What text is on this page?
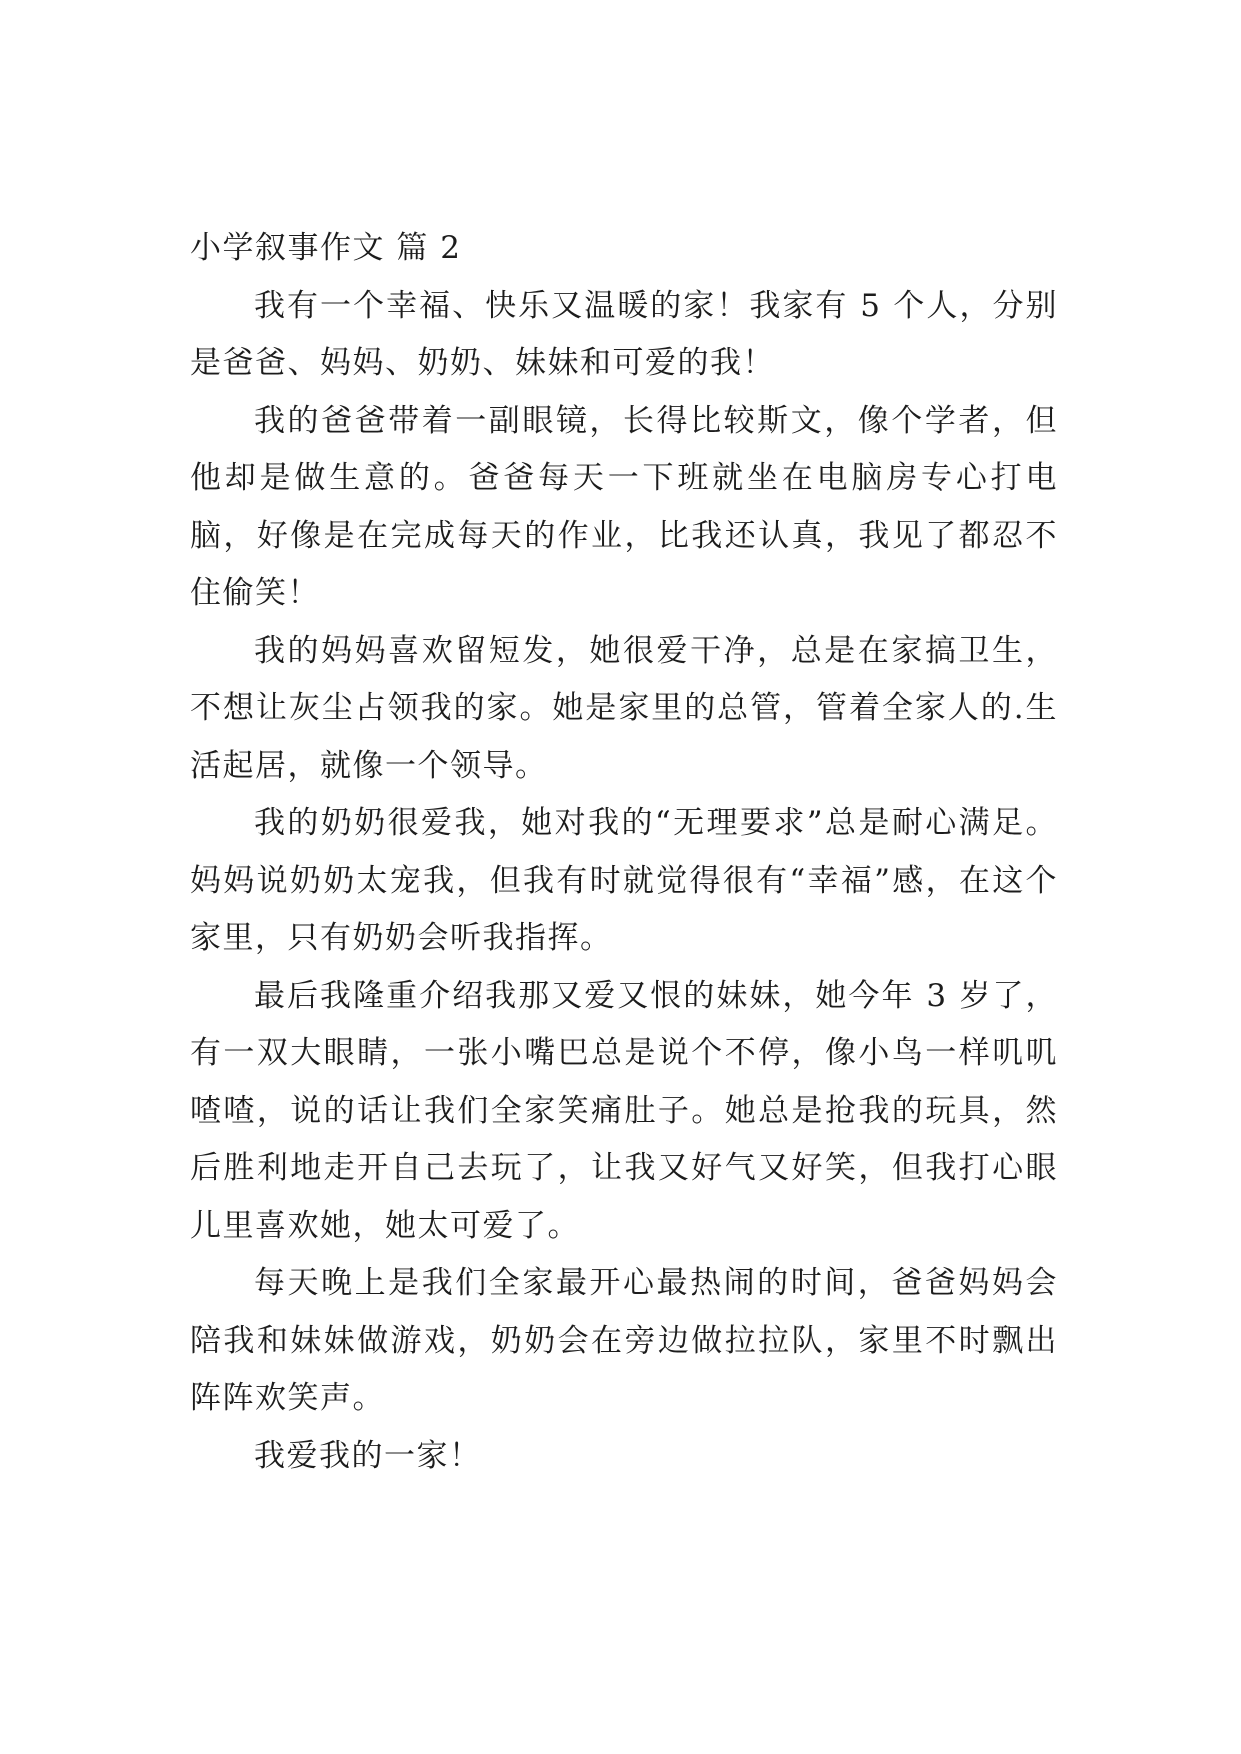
小学叙事作文 篇 2

我有一个幸福、快乐又温暖的家！我家有 5 个人，分别是爸爸、妈妈、奶奶、妹妹和可爱的我！

我的爸爸带着一副眼镜，长得比较斯文，像个学者，但他却是做生意的。爸爸每天一下班就坐在电脑房专心打电脑，好像是在完成每天的作业，比我还认真，我见了都忍不住偷笑！

我的妈妈喜欢留短发，她很爱干净，总是在家搞卫生，不想让灰尘占领我的家。她是家里的总管，管着全家人的.生活起居，就像一个领导。

我的奶奶很爱我，她对我的“无理要求”总是耐心满足。妈妈说奶奶太宠我，但我有时就觉得很有“幸福”感，在这个家里，只有奶奶会听我指挥。

最后我隆重介绍我那又爱又恨的妹妹，她今年 3 岁了，有一双大眼睛，一张小嘴巴总是说个不停，像小鸟一样叽叽喳喳，说的话让我们全家笑痛肚子。她总是抢我的玩具，然后胜利地走开自己去玩了，让我又好气又好笑，但我打心眼儿里喜欢她，她太可爱了。

每天晚上是我们全家最开心最热闹的时间，爸爸妈妈会陪我和妹妹做游戏，奶奶会在旁边做拉拉队，家里不时飘出阵阵欢笑声。

我爱我的一家！
